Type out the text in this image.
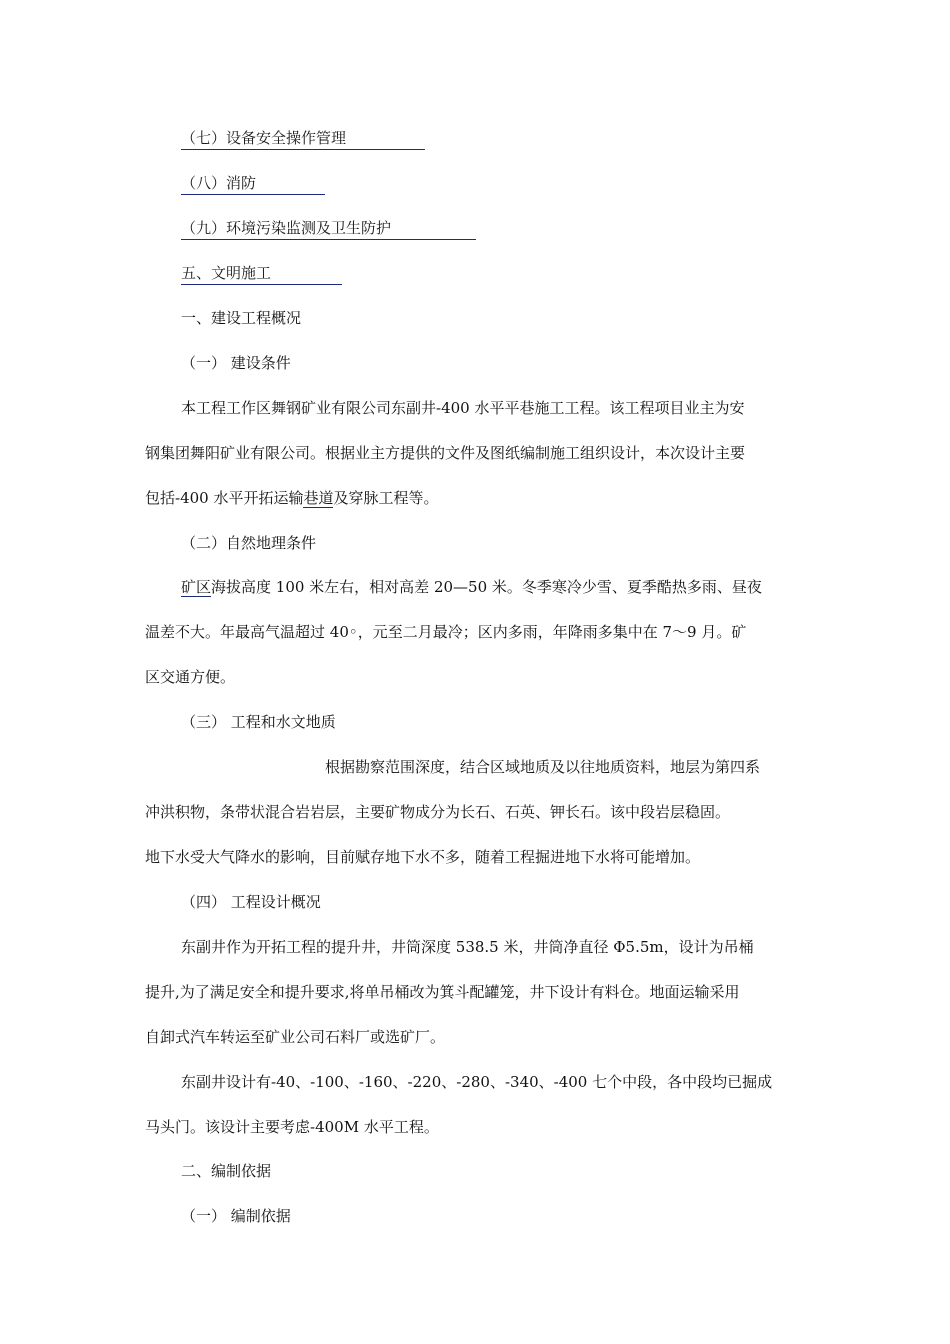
（七）设备安全操作管理
（八）消防
（九）环境污染监测及卫生防护
五、文明施工
一、建设工程概况
（一） 建设条件
本工程工作区舞钢矿业有限公司东副井-400 水平平巷施工工程。该工程项目业主为安
钢集团舞阳矿业有限公司。根据业主方提供的文件及图纸编制施工组织设计，本次设计主要
包括-400 水平开拓运输巷道及穿脉工程等。
（二）自然地理条件
矿区海拔高度 100 米左右，相对高差 20—50 米。冬季寒冷少雪、夏季酷热多雨、昼夜
温差不大。年最高气温超过 40◦，元至二月最冷；区内多雨，年降雨多集中在 7～9 月。矿
区交通方便。
（三） 工程和水文地质
根据勘察范围深度，结合区域地质及以往地质资料，地层为第四系
冲洪积物，条带状混合岩岩层，主要矿物成分为长石、石英、钾长石。该中段岩层稳固。
地下水受大气降水的影响，目前赋存地下水不多，随着工程掘进地下水将可能增加。
（四） 工程设计概况
东副井作为开拓工程的提升井，井筒深度 538.5 米，井筒净直径 Φ5.5m，设计为吊桶
提升,为了满足安全和提升要求,将单吊桶改为箕斗配罐笼，井下设计有料仓。地面运输采用
自卸式汽车转运至矿业公司石料厂或选矿厂。
东副井设计有-40、-100、-160、-220、-280、-340、-400 七个中段，各中段均已掘成
马头门。该设计主要考虑-400M 水平工程。
二、编制依据
（一） 编制依据
